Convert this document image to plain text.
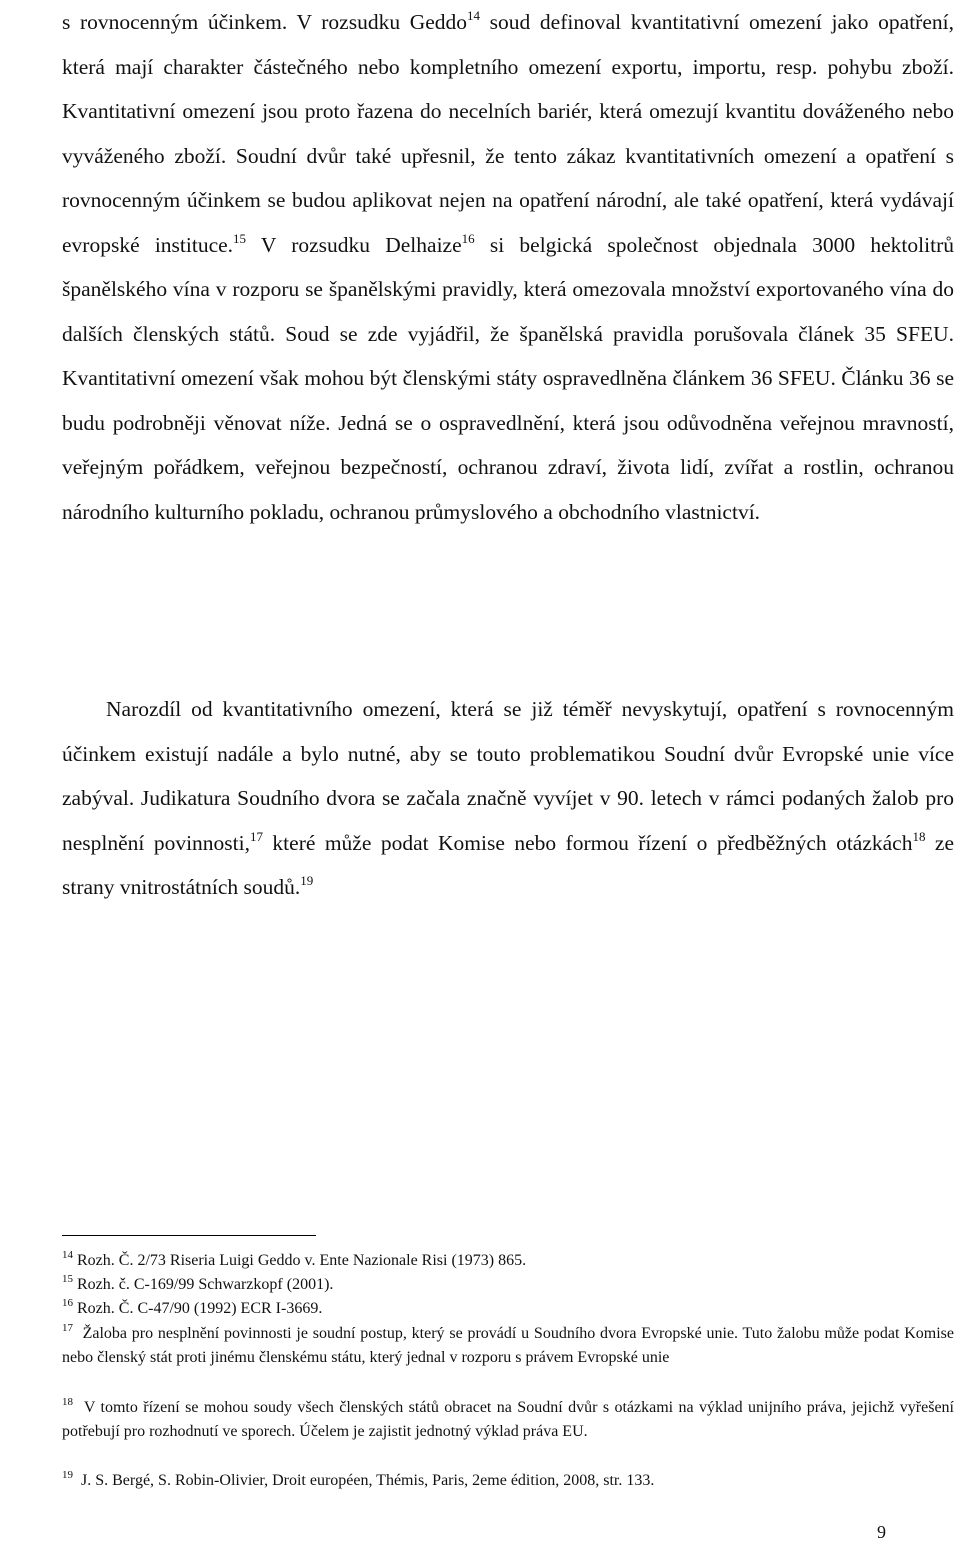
s rovnocenným účinkem. V rozsudku Geddo$^{14}$ soud definoval kvantitativní omezení jako opatření, která mají charakter částečného nebo kompletního omezení exportu, importu, resp. pohybu zboží. Kvantitativní omezení jsou proto řazena do necelních bariér, která omezují kvantitu dováženého nebo vyváženého zboží. Soudní dvůr také upřesnil, že tento zákaz kvantitativních omezení a opatření s rovnocenným účinkem se budou aplikovat nejen na opatření národní, ale také opatření, která vydávají evropské instituce.$^{15}$ V rozsudku Delhaize$^{16}$ si belgická společnost objednala 3000 hektolitrů španělského vína v rozporu se španělskými pravidly, která omezovala množství exportovaného vína do dalších členských států. Soud se zde vyjádřil, že španělská pravidla porušovala článek 35 SFEU. Kvantitativní omezení však mohou být členskými státy ospravedlněna článkem 36 SFEU. Článku 36 se budu podrobněji věnovat níže. Jedná se o ospravedlnění, která jsou odůvodněna veřejnou mravností, veřejným pořádkem, veřejnou bezpečností, ochranou zdraví, života lidí, zvířat a rostlin, ochranou národního kulturního pokladu, ochranou průmyslového a obchodního vlastnictví.

Narozdíl od kvantitativního omezení, která se již téměř nevyskytují, opatření s rovnocenným účinkem existují nadále a bylo nutné, aby se touto problematikou Soudní dvůr Evropské unie více zabýval. Judikatura Soudního dvora se začala značně vyvíjet v 90. letech v rámci podaných žalob pro nesplnění povinnosti,$^{17}$ které může podat Komise nebo formou řízení o předběžných otázkách$^{18}$ ze strany vnitrostátních soudů.$^{19}$

$^{14}$ Rozh. Č. 2/73 Riseria Luigi Geddo v. Ente Nazionale Risi (1973) 865.

$^{15}$ Rozh. č. C-169/99 Schwarzkopf (2001).

$^{16}$ Rozh. Č. C-47/90 (1992) ECR I-3669.

$^{17}$ Žaloba pro nesplnění povinnosti je soudní postup, který se provádí u Soudního dvora Evropské unie. Tuto žalobu může podat Komise nebo členský stát proti jinému členskému státu, který jednal v rozporu s právem Evropské unie

$^{18}$ V tomto řízení se mohou soudy všech členských států obracet na Soudní dvůr s otázkami na výklad unijního práva, jejichž vyřešení potřebují pro rozhodnutí ve sporech. Účelem je zajistit jednotný výklad práva EU.

$^{19}$ J. S. Bergé, S. Robin-Olivier, Droit européen, Thémis, Paris, 2eme édition, 2008, str. 133.

9
